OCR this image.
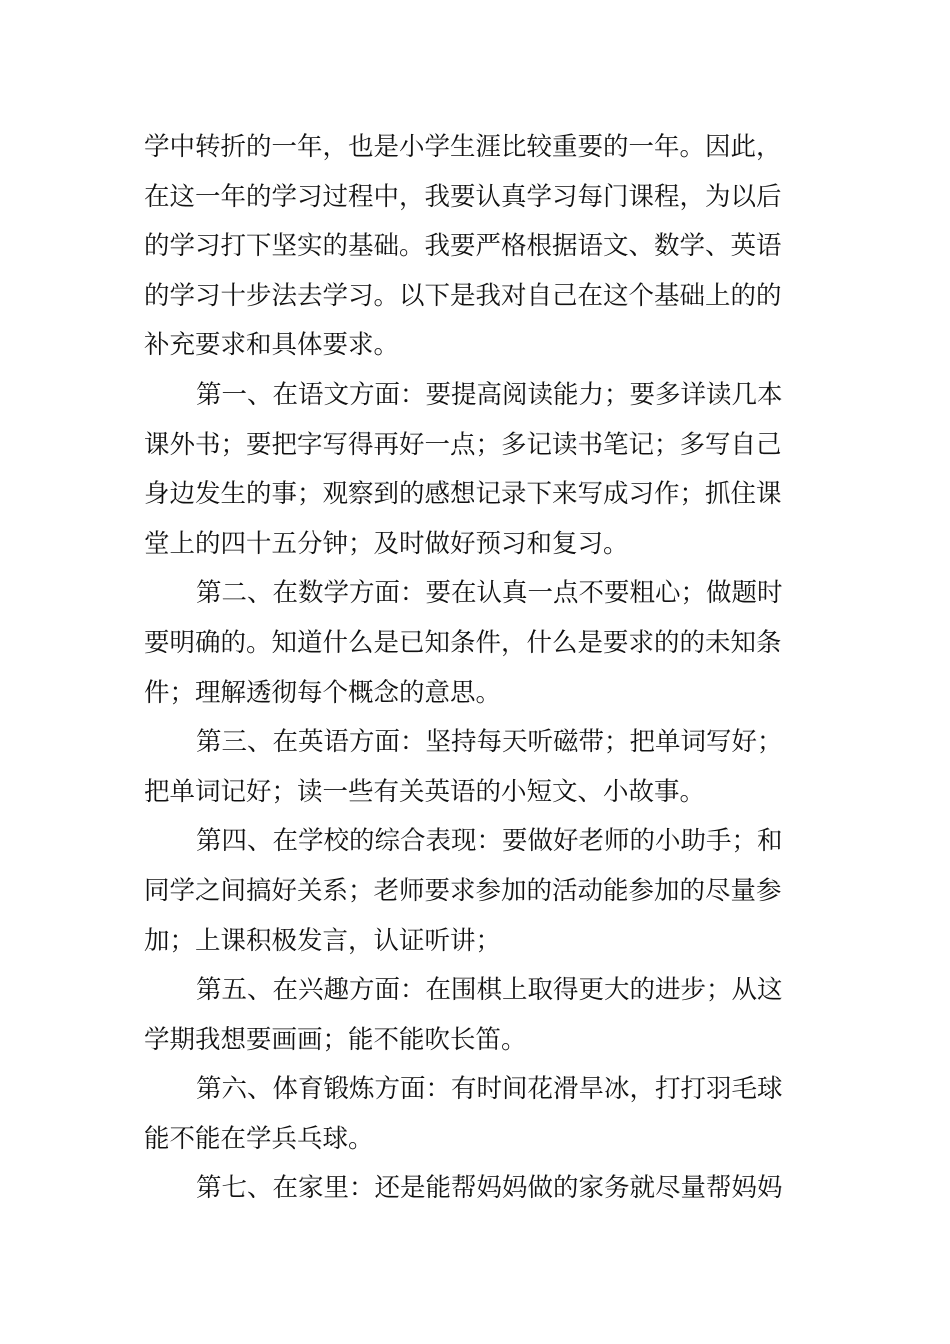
学中转折的一年，也是小学生涯比较重要的一年。因此，
在这一年的学习过程中，我要认真学习每门课程，为以后
的学习打下坚实的基础。我要严格根据语文、数学、英语
的学习十步法去学习。以下是我对自己在这个基础上的的
补充要求和具体要求。
第一、在语文方面：要提高阅读能力；要多详读几本
课外书；要把字写得再好一点；多记读书笔记；多写自己
身边发生的事；观察到的感想记录下来写成习作；抓住课
堂上的四十五分钟；及时做好预习和复习。
第二、在数学方面：要在认真一点不要粗心；做题时
要明确的。知道什么是已知条件，什么是要求的的未知条
件；理解透彻每个概念的意思。
第三、在英语方面：坚持每天听磁带；把单词写好；
把单词记好；读一些有关英语的小短文、小故事。
第四、在学校的综合表现：要做好老师的小助手；和
同学之间搞好关系；老师要求参加的活动能参加的尽量参
加；上课积极发言，认证听讲；
第五、在兴趣方面：在围棋上取得更大的进步；从这
学期我想要画画；能不能吹长笛。
第六、体育锻炼方面：有时间花滑旱冰，打打羽毛球
能不能在学兵乓球。
第七、在家里：还是能帮妈妈做的家务就尽量帮妈妈
